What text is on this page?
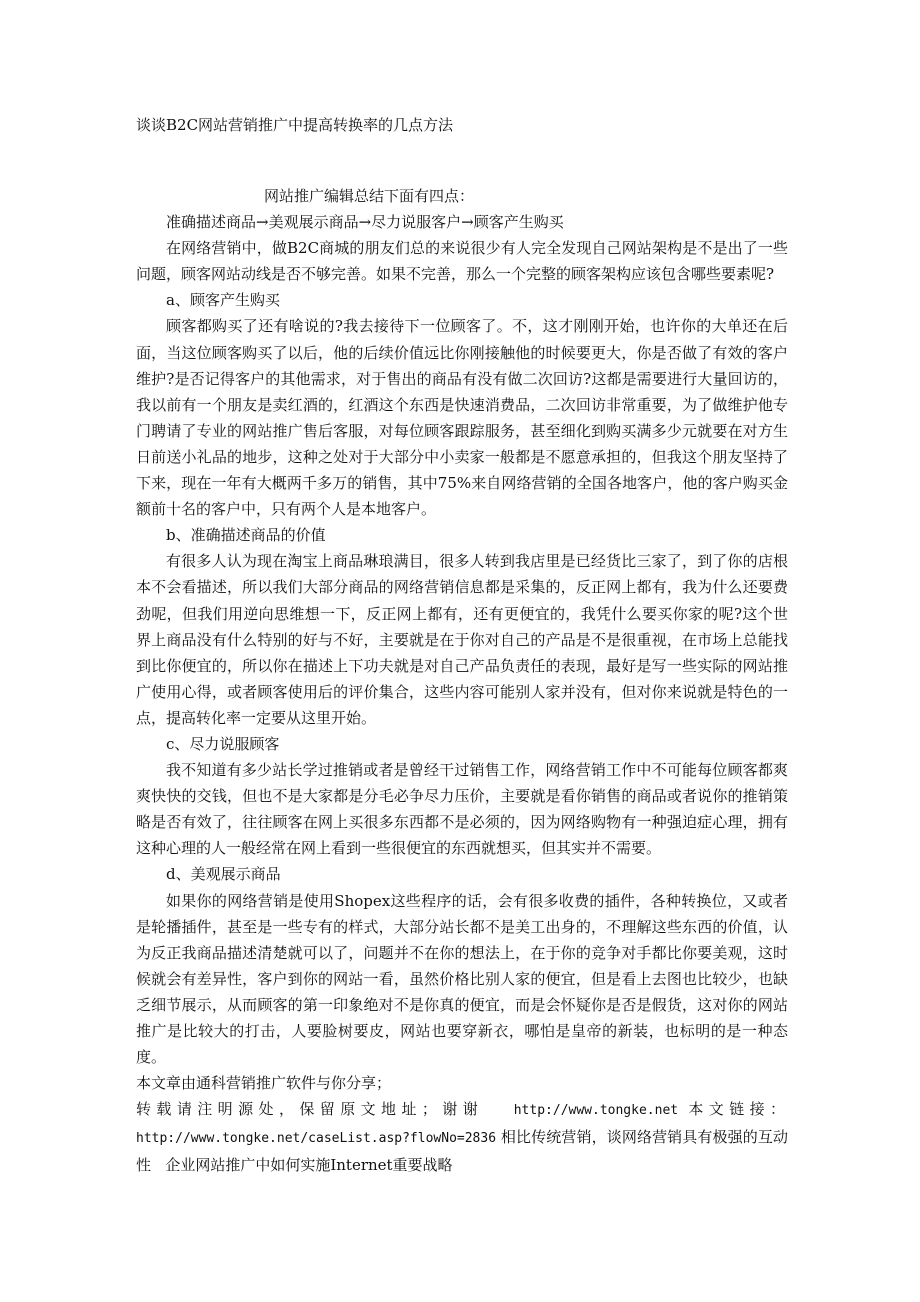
谈谈B2C网站营销推广中提高转换率的几点方法

网站推广编辑总结下面有四点：

准确描述商品→美观展示商品→尽力说服客户→顾客产生购买

在网络营销中，做B2C商城的朋友们总的来说很少有人完全发现自己网站架构是不是出了一些问题，顾客网站动线是否不够完善。如果不完善，那么一个完整的顾客架构应该包含哪些要素呢?

a、顾客产生购买

顾客都购买了还有啥说的?我去接待下一位顾客了。不，这才刚刚开始，也许你的大单还在后面，当这位顾客购买了以后，他的后续价值远比你刚接触他的时候要更大，你是否做了有效的客户维护?是否记得客户的其他需求，对于售出的商品有没有做二次回访?这都是需要进行大量回访的，我以前有一个朋友是卖红酒的，红酒这个东西是快速消费品，二次回访非常重要，为了做维护他专门聘请了专业的网站推广售后客服，对每位顾客跟踪服务，甚至细化到购买满多少元就要在对方生日前送小礼品的地步，这种之处对于大部分中小卖家一般都是不愿意承担的，但我这个朋友坚持了下来，现在一年有大概两千多万的销售，其中75%来自网络营销的全国各地客户，他的客户购买金额前十名的客户中，只有两个人是本地客户。

b、准确描述商品的价值

有很多人认为现在淘宝上商品琳琅满目，很多人转到我店里是已经货比三家了，到了你的店根本不会看描述，所以我们大部分商品的网络营销信息都是采集的，反正网上都有，我为什么还要费劲呢，但我们用逆向思维想一下，反正网上都有，还有更便宜的，我凭什么要买你家的呢?这个世界上商品没有什么特别的好与不好，主要就是在于你对自己的产品是不是很重视，在市场上总能找到比你便宜的，所以你在描述上下功夫就是对自己产品负责任的表现，最好是写一些实际的网站推广使用心得，或者顾客使用后的评价集合，这些内容可能别人家并没有，但对你来说就是特色的一点，提高转化率一定要从这里开始。

c、尽力说服顾客

我不知道有多少站长学过推销或者是曾经干过销售工作，网络营销工作中不可能每位顾客都爽爽快快的交钱，但也不是大家都是分毛必争尽力压价，主要就是看你销售的商品或者说你的推销策略是否有效了，往往顾客在网上买很多东西都不是必须的，因为网络购物有一种强迫症心理，拥有这种心理的人一般经常在网上看到一些很便宜的东西就想买，但其实并不需要。

d、美观展示商品

如果你的网络营销是使用Shopex这些程序的话，会有很多收费的插件，各种转换位，又或者是轮播插件，甚至是一些专有的样式，大部分站长都不是美工出身的，不理解这些东西的价值，认为反正我商品描述清楚就可以了，问题并不在你的想法上，在于你的竞争对手都比你要美观，这时候就会有差异性，客户到你的网站一看，虽然价格比别人家的便宜，但是看上去图也比较少，也缺乏细节展示，从而顾客的第一印象绝对不是你真的便宜，而是会怀疑你是否是假货，这对你的网站推广是比较大的打击，人要脸树要皮，网站也要穿新衣，哪怕是皇帝的新装，也标明的是一种态度。

本文章由通科营销推广软件与你分享；

转载请注明源处，保留原文地址；谢谢 http://www.tongke.net 本文链接：

http://www.tongke.net/caseList.asp?flowNo=2836 相比传统营销，谈网络营销具有极强的互动性 企业网站推广中如何实施Internet重要战略
